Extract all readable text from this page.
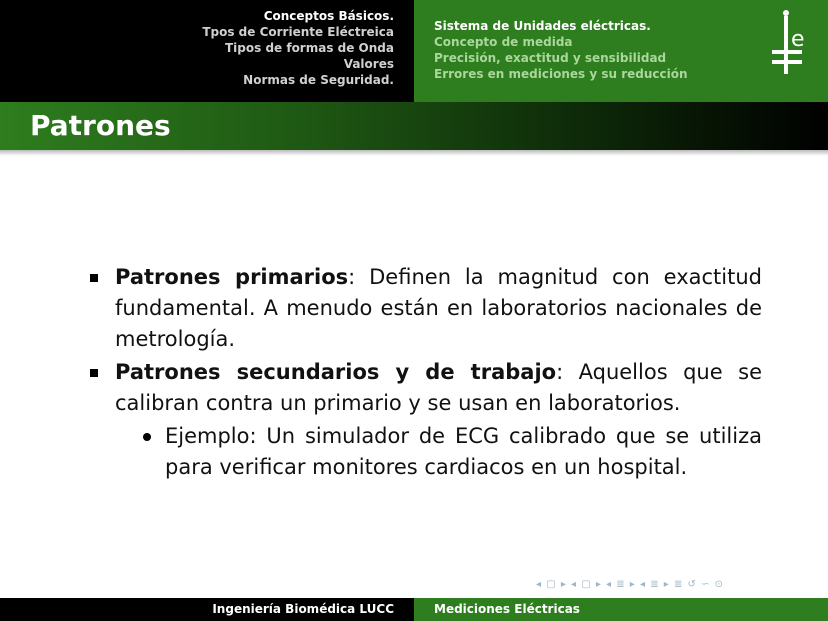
Conceptos Básicos.
Tpos de Corriente Eléctreica
Tipos de formas de Onda
Valores
Normas de Seguridad.
Sistema de Unidades eléctricas.
Concepto de medida
Precisión, exactitud y sensibilidad
Errores en mediciones y su reducción
e
Patrones
Patrones primarios: Definen la magnitud con exactitud fundamental. A menudo están en laboratorios nacionales de metrología.
Patrones secundarios y de trabajo: Aquellos que se calibran contra un primario y se usan en laboratorios.
Ejemplo: Un simulador de ECG calibrado que se utiliza para verificar monitores cardiacos en un hospital.
◂ ▢ ▸ ◂ ▢ ▸ ◂ ≣ ▸ ◂ ≣ ▸ ≣ ↺ ∽ ⊙
Ingeniería Biomédica LUCC	Mediciones Eléctricas
